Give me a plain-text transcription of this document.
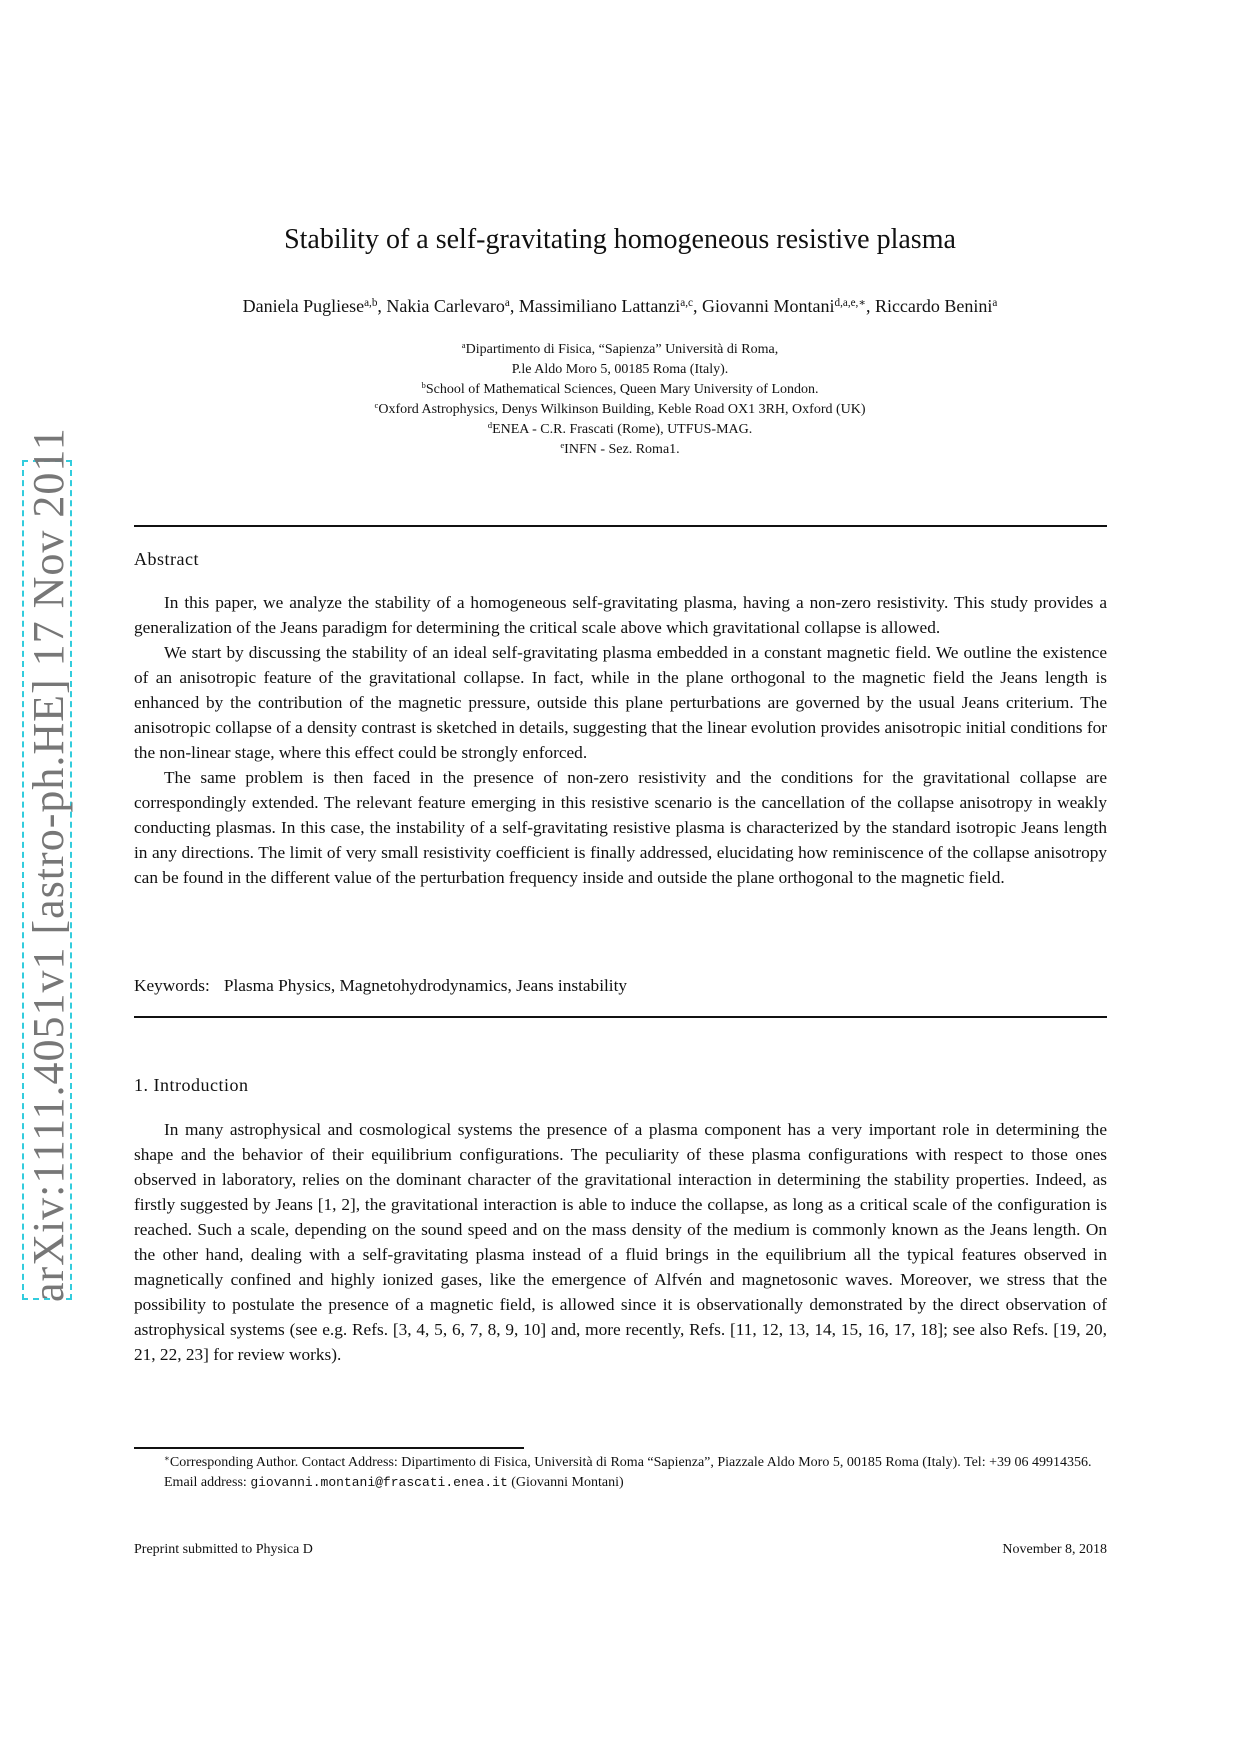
arXiv:1111.4051v1 [astro-ph.HE] 17 Nov 2011
Stability of a self-gravitating homogeneous resistive plasma
Daniela Pugliese$^{a,b}$, Nakia Carlevaro$^a$, Massimiliano Lattanzi$^{a,c}$, Giovanni Montani$^{d,a,e,∗}$, Riccardo Benini$^a$
$^a$Dipartimento di Fisica, “Sapienza” Università di Roma,
P.le Aldo Moro 5, 00185 Roma (Italy).
$^b$School of Mathematical Sciences, Queen Mary University of London.
$^c$Oxford Astrophysics, Denys Wilkinson Building, Keble Road OX1 3RH, Oxford (UK)
$^d$ENEA - C.R. Frascati (Rome), UTFUS-MAG.
$^e$INFN - Sez. Roma1.
Abstract

In this paper, we analyze the stability of a homogeneous self-gravitating plasma, having a non-zero resistivity. This study provides a generalization of the Jeans paradigm for determining the critical scale above which gravitational collapse is allowed.

We start by discussing the stability of an ideal self-gravitating plasma embedded in a constant magnetic field. We outline the existence of an anisotropic feature of the gravitational collapse. In fact, while in the plane orthogonal to the magnetic field the Jeans length is enhanced by the contribution of the magnetic pressure, outside this plane perturbations are governed by the usual Jeans criterium. The anisotropic collapse of a density contrast is sketched in details, suggesting that the linear evolution provides anisotropic initial conditions for the non-linear stage, where this effect could be strongly enforced.

The same problem is then faced in the presence of non-zero resistivity and the conditions for the gravitational collapse are correspondingly extended. The relevant feature emerging in this resistive scenario is the cancellation of the collapse anisotropy in weakly conducting plasmas. In this case, the instability of a self-gravitating resistive plasma is characterized by the standard isotropic Jeans length in any directions. The limit of very small resistivity coefficient is finally addressed, elucidating how reminiscence of the collapse anisotropy can be found in the different value of the perturbation frequency inside and outside the plane orthogonal to the magnetic field.

Keywords: Plasma Physics, Magnetohydrodynamics, Jeans instability
1. Introduction

In many astrophysical and cosmological systems the presence of a plasma component has a very important role in determining the shape and the behavior of their equilibrium configurations. The peculiarity of these plasma configurations with respect to those ones observed in laboratory, relies on the dominant character of the gravitational interaction in determining the stability properties. Indeed, as firstly suggested by Jeans [1, 2], the gravitational interaction is able to induce the collapse, as long as a critical scale of the configuration is reached. Such a scale, depending on the sound speed and on the mass density of the medium is commonly known as the Jeans length. On the other hand, dealing with a self-gravitating plasma instead of a fluid brings in the equilibrium all the typical features observed in magnetically confined and highly ionized gases, like the emergence of Alfvén and magnetosonic waves. Moreover, we stress that the possibility to postulate the presence of a magnetic field, is allowed since it is observationally demonstrated by the direct observation of astrophysical systems (see e.g. Refs. [3, 4, 5, 6, 7, 8, 9, 10] and, more recently, Refs. [11, 12, 13, 14, 15, 16, 17, 18]; see also Refs. [19, 20, 21, 22, 23] for review works).

∗Corresponding Author. Contact Address: Dipartimento di Fisica, Università di Roma “Sapienza”, Piazzale Aldo Moro 5, 00185 Roma (Italy). Tel: +39 06 49914356.

Email address: giovanni.montani@frascati.enea.it (Giovanni Montani)

Preprint submitted to Physica D	November 8, 2018
